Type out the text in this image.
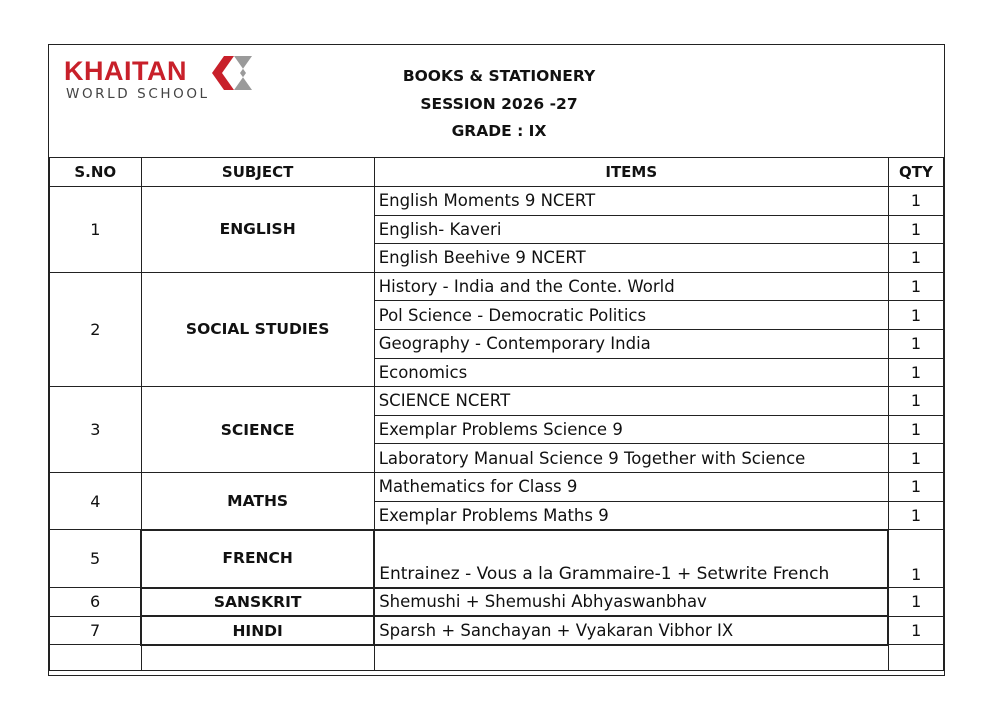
KHAITAN
WORLD SCHOOL
BOOKS & STATIONERY
SESSION 2026 -27
GRADE : IX
S.NO	SUBJECT	ITEMS	QTY
1	ENGLISH	English Moments 9 NCERT	1
		English- Kaveri	1
		English Beehive 9 NCERT	1
2	SOCIAL STUDIES	History - India and the Conte. World	1
		Pol Science - Democratic Politics	1
		Geography - Contemporary India	1
		Economics	1
3	SCIENCE	SCIENCE NCERT	1
		Exemplar Problems Science 9	1
		Laboratory Manual Science 9 Together with Science	1
4	MATHS	Mathematics for Class 9	1
		Exemplar Problems Maths 9	1
5	FRENCH	Entrainez - Vous a la Grammaire-1 + Setwrite French	1
6	SANSKRIT	Shemushi + Shemushi Abhyaswanbhav	1
7	HINDI	Sparsh + Sanchayan + Vyakaran Vibhor IX	1
